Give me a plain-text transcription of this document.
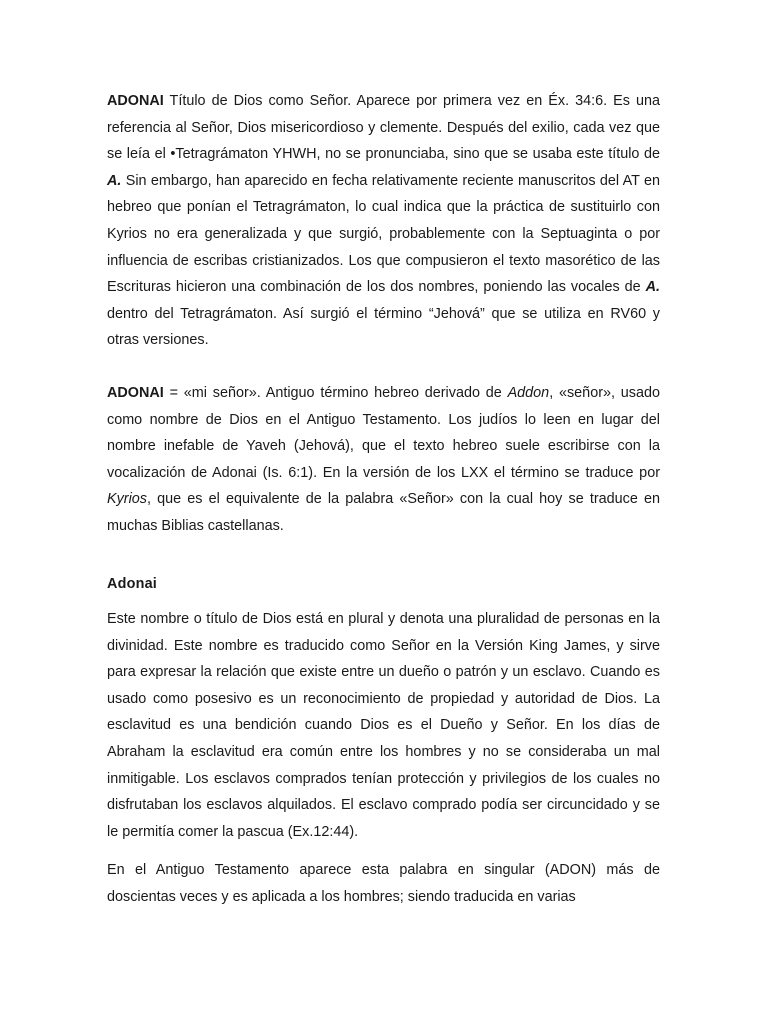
ADONAI Título de Dios como Señor. Aparece por primera vez en Éx. 34:6. Es una referencia al Señor, Dios misericordioso y clemente. Después del exilio, cada vez que se leía el •Tetragrámaton YHWH, no se pronunciaba, sino que se usaba este título de A. Sin embargo, han aparecido en fecha relativamente reciente manuscritos del AT en hebreo que ponían el Tetragrámaton, lo cual indica que la práctica de sustituirlo con Kyrios no era generalizada y que surgió, probablemente con la Septuaginta o por influencia de escribas cristianizados. Los que compusieron el texto masorético de las Escrituras hicieron una combinación de los dos nombres, poniendo las vocales de A. dentro del Tetragrámaton. Así surgió el término “Jehová” que se utiliza en RV60 y otras versiones.

ADONAI = «mi señor». Antiguo término hebreo derivado de Addon, «señor», usado como nombre de Dios en el Antiguo Testamento. Los judíos lo leen en lugar del nombre inefable de Yaveh (Jehová), que el texto hebreo suele escribirse con la vocalización de Adonai (Is. 6:1). En la versión de los LXX el término se traduce por Kyrios, que es el equivalente de la palabra «Señor» con la cual hoy se traduce en muchas Biblias castellanas.

Adonai

Este nombre o título de Dios está en plural y denota una pluralidad de personas en la divinidad. Este nombre es traducido como Señor en la Versión King James, y sirve para expresar la relación que existe entre un dueño o patrón y un esclavo. Cuando es usado como posesivo es un reconocimiento de propiedad y autoridad de Dios. La esclavitud es una bendición cuando Dios es el Dueño y Señor. En los días de Abraham la esclavitud era común entre los hombres y no se consideraba un mal inmitigable. Los esclavos comprados tenían protección y privilegios de los cuales no disfrutaban los esclavos alquilados. El esclavo comprado podía ser circuncidado y se le permitía comer la pascua (Ex.12:44).

En el Antiguo Testamento aparece esta palabra en singular (ADON) más de doscientas veces y es aplicada a los hombres; siendo traducida en varias
